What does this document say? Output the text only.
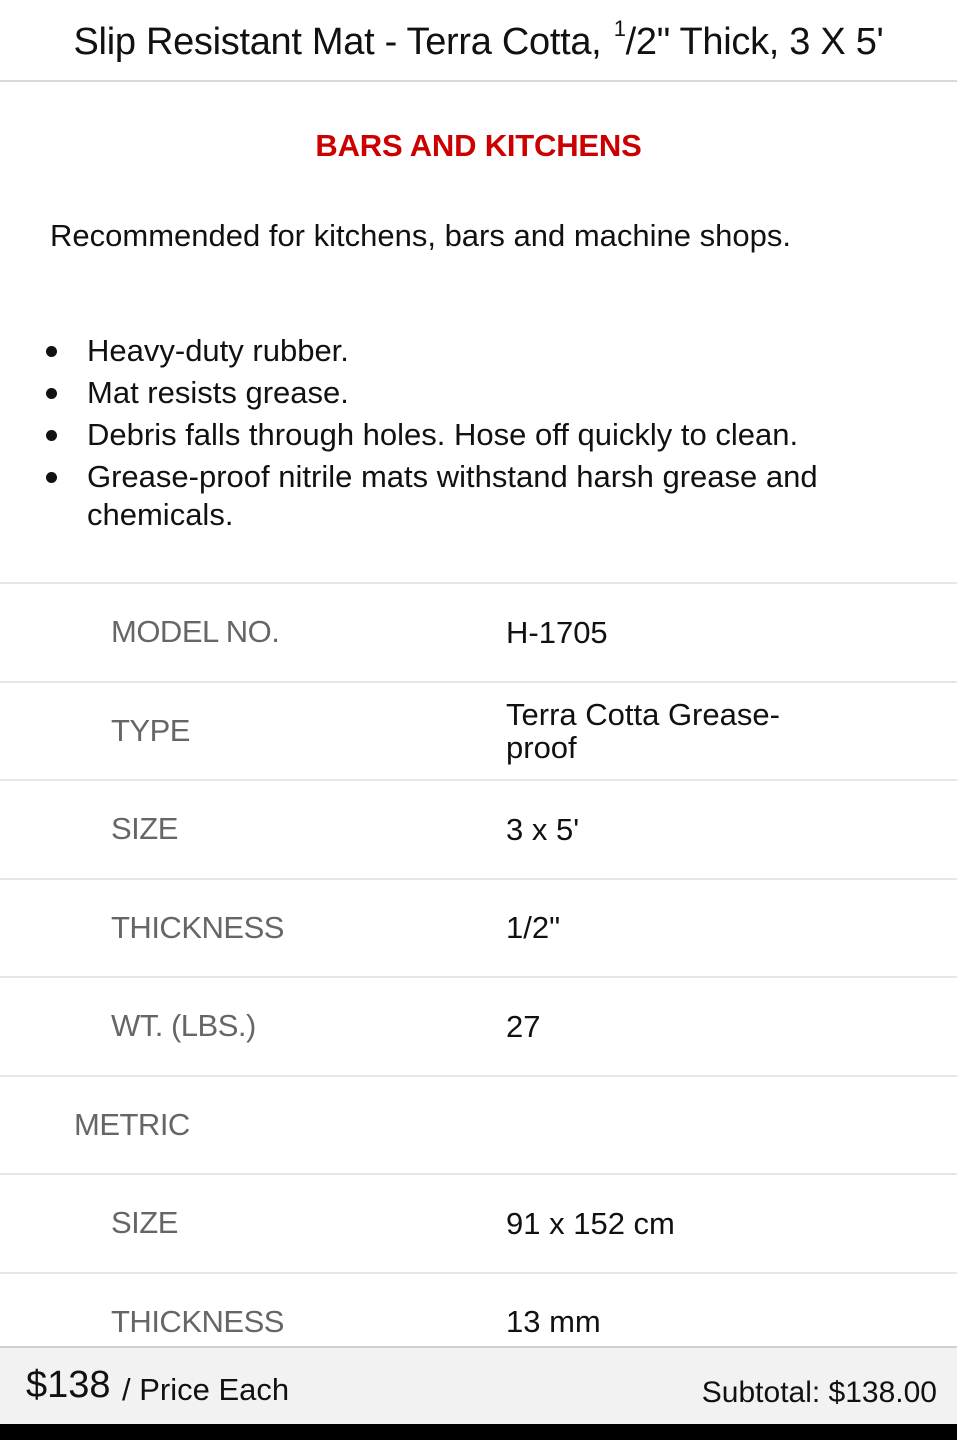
Slip Resistant Mat - Terra Cotta, $^1$/2" Thick, 3 X 5'
BARS AND KITCHENS
Recommended for kitchens, bars and machine shops.
Heavy-duty rubber.
Mat resists grease.
Debris falls through holes. Hose off quickly to clean.
Grease-proof nitrile mats withstand harsh grease and chemicals.
MODEL NO.	H-1705
TYPE	Terra Cotta Grease-proof
SIZE	3 x 5'
THICKNESS	1/2"
WT. (LBS.)	27
METRIC
SIZE	91 x 152 cm
THICKNESS	13 mm
$138 / Price Each	Subtotal: $138.00
